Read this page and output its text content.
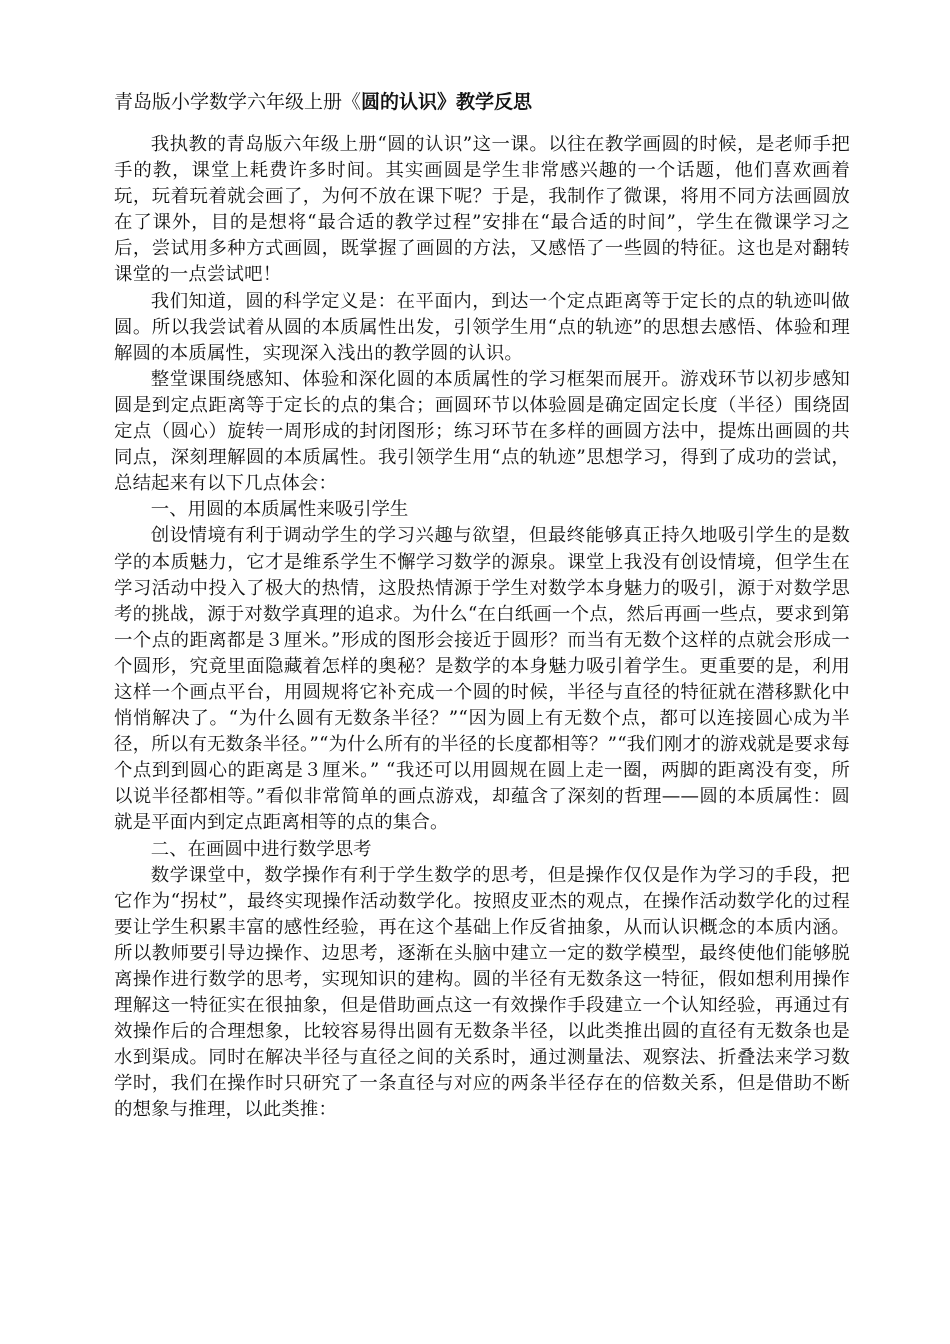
青岛版小学数学六年级上册《圆的认识》教学反思

我执教的青岛版六年级上册“圆的认识”这一课。以往在教学画圆的时候，是老师手把手的教，课堂上耗费许多时间。其实画圆是学生非常感兴趣的一个话题，他们喜欢画着玩，玩着玩着就会画了，为何不放在课下呢？于是，我制作了微课，将用不同方法画圆放在了课外，目的是想将“最合适的教学过程”安排在“最合适的时间”，学生在微课学习之后，尝试用多种方式画圆，既掌握了画圆的方法，又感悟了一些圆的特征。这也是对翻转课堂的一点尝试吧！

我们知道，圆的科学定义是：在平面内，到达一个定点距离等于定长的点的轨迹叫做圆。所以我尝试着从圆的本质属性出发，引领学生用“点的轨迹”的思想去感悟、体验和理解圆的本质属性，实现深入浅出的教学圆的认识。

整堂课围绕感知、体验和深化圆的本质属性的学习框架而展开。游戏环节以初步感知圆是到定点距离等于定长的点的集合；画圆环节以体验圆是确定固定长度（半径）围绕固定点（圆心）旋转一周形成的封闭图形；练习环节在多样的画圆方法中，提炼出画圆的共同点，深刻理解圆的本质属性。我引领学生用“点的轨迹”思想学习，得到了成功的尝试，总结起来有以下几点体会：

一、用圆的本质属性来吸引学生

创设情境有利于调动学生的学习兴趣与欲望，但最终能够真正持久地吸引学生的是数学的本质魅力，它才是维系学生不懈学习数学的源泉。课堂上我没有创设情境，但学生在学习活动中投入了极大的热情，这股热情源于学生对数学本身魅力的吸引，源于对数学思考的挑战，源于对数学真理的追求。为什么“在白纸画一个点，然后再画一些点，要求到第一个点的距离都是３厘米。”形成的图形会接近于圆形？而当有无数个这样的点就会形成一个圆形，究竟里面隐藏着怎样的奥秘？是数学的本身魅力吸引着学生。更重要的是，利用这样一个画点平台，用圆规将它补充成一个圆的时候，半径与直径的特征就在潜移默化中悄悄解决了。“为什么圆有无数条半径？”“因为圆上有无数个点，都可以连接圆心成为半径，所以有无数条半径。”“为什么所有的半径的长度都相等？”“我们刚才的游戏就是要求每个点到到圆心的距离是３厘米。” “我还可以用圆规在圆上走一圈，两脚的距离没有变，所以说半径都相等。”看似非常简单的画点游戏，却蕴含了深刻的哲理——圆的本质属性：圆就是平面内到定点距离相等的点的集合。

二、在画圆中进行数学思考

数学课堂中，数学操作有利于学生数学的思考，但是操作仅仅是作为学习的手段，把它作为“拐杖”，最终实现操作活动数学化。按照皮亚杰的观点，在操作活动数学化的过程要让学生积累丰富的感性经验，再在这个基础上作反省抽象，从而认识概念的本质内涵。所以教师要引导边操作、边思考，逐渐在头脑中建立一定的数学模型，最终使他们能够脱离操作进行数学的思考，实现知识的建构。圆的半径有无数条这一特征，假如想利用操作理解这一特征实在很抽象，但是借助画点这一有效操作手段建立一个认知经验，再通过有效操作后的合理想象，比较容易得出圆有无数条半径，以此类推出圆的直径有无数条也是水到渠成。同时在解决半径与直径之间的关系时，通过测量法、观察法、折叠法来学习数学时，我们在操作时只研究了一条直径与对应的两条半径存在的倍数关系，但是借助不断的想象与推理，以此类推：
